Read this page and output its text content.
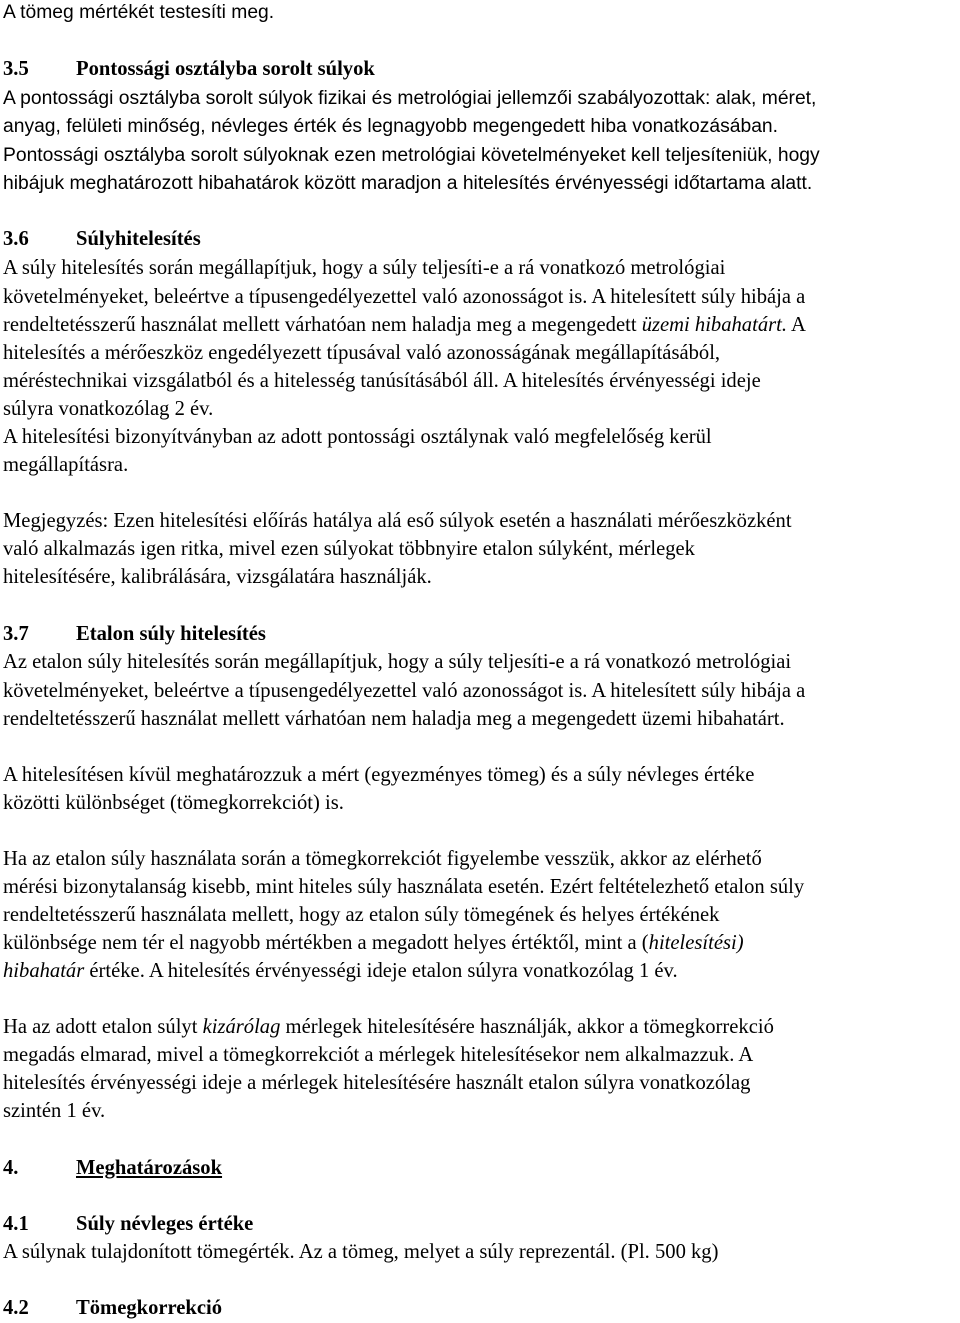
A tömeg mértékét testesíti meg.
3.5 Pontossági osztályba sorolt súlyok
A pontossági osztályba sorolt súlyok fizikai és metrológiai jellemzői szabályozottak: alak, méret,
anyag, felületi minőség, névleges érték és legnagyobb megengedett hiba vonatkozásában.
Pontossági osztályba sorolt súlyoknak ezen metrológiai követelményeket kell teljesíteniük, hogy
hibájuk meghatározott hibahatárok között maradjon a hitelesítés érvényességi időtartama alatt.
3.6 Súlyhitelesítés
A súly hitelesítés során megállapítjuk, hogy a súly teljesíti-e a rá vonatkozó metrológiai
követelményeket, beleértve a típusengedélyezettel való azonosságot is. A hitelesített súly hibája a
rendeltetésszerű használat mellett várhatóan nem haladja meg a megengedett üzemi hibahatárt. A
hitelesítés a mérőeszköz engedélyezett típusával való azonosságának megállapításából,
méréstechnikai vizsgálatból és a hitelesség tanúsításából áll. A hitelesítés érvényességi ideje
súlyra vonatkozólag 2 év.
A hitelesítési bizonyítványban az adott pontossági osztálynak való megfelelőség kerül
megállapításra.
Megjegyzés: Ezen hitelesítési előírás hatálya alá eső súlyok esetén a használati mérőeszközként
való alkalmazás igen ritka, mivel ezen súlyokat többnyire etalon súlyként, mérlegek
hitelesítésére, kalibrálására, vizsgálatára használják.
3.7 Etalon súly hitelesítés
Az etalon súly hitelesítés során megállapítjuk, hogy a súly teljesíti-e a rá vonatkozó metrológiai
követelményeket, beleértve a típusengedélyezettel való azonosságot is. A hitelesített súly hibája a
rendeltetésszerű használat mellett várhatóan nem haladja meg a megengedett üzemi hibahatárt.
A hitelesítésen kívül meghatározzuk a mért (egyezményes tömeg) és a súly névleges értéke
közötti különbséget (tömegkorrekciót) is.
Ha az etalon súly használata során a tömegkorrekciót figyelembe vesszük, akkor az elérhető
mérési bizonytalanság kisebb, mint hiteles súly használata esetén. Ezért feltételezhető etalon súly
rendeltetésszerű használata mellett, hogy az etalon súly tömegének és helyes értékének
különbsége nem tér el nagyobb mértékben a megadott helyes értéktől, mint a (hitelesítési)
hibahatár értéke. A hitelesítés érvényességi ideje etalon súlyra vonatkozólag 1 év.
Ha az adott etalon súlyt kizárólag mérlegek hitelesítésére használják, akkor a tömegkorrekció
megadás elmarad, mivel a tömegkorrekciót a mérlegek hitelesítésekor nem alkalmazzuk. A
hitelesítés érvényességi ideje a mérlegek hitelesítésére használt etalon súlyra vonatkozólag
szintén 1 év.
4.	Meghatározások
4.1 Súly névleges értéke
A súlynak tulajdonított tömegérték. Az a tömeg, melyet a súly reprezentál. (Pl. 500 kg)
4.2 Tömegkorrekció
